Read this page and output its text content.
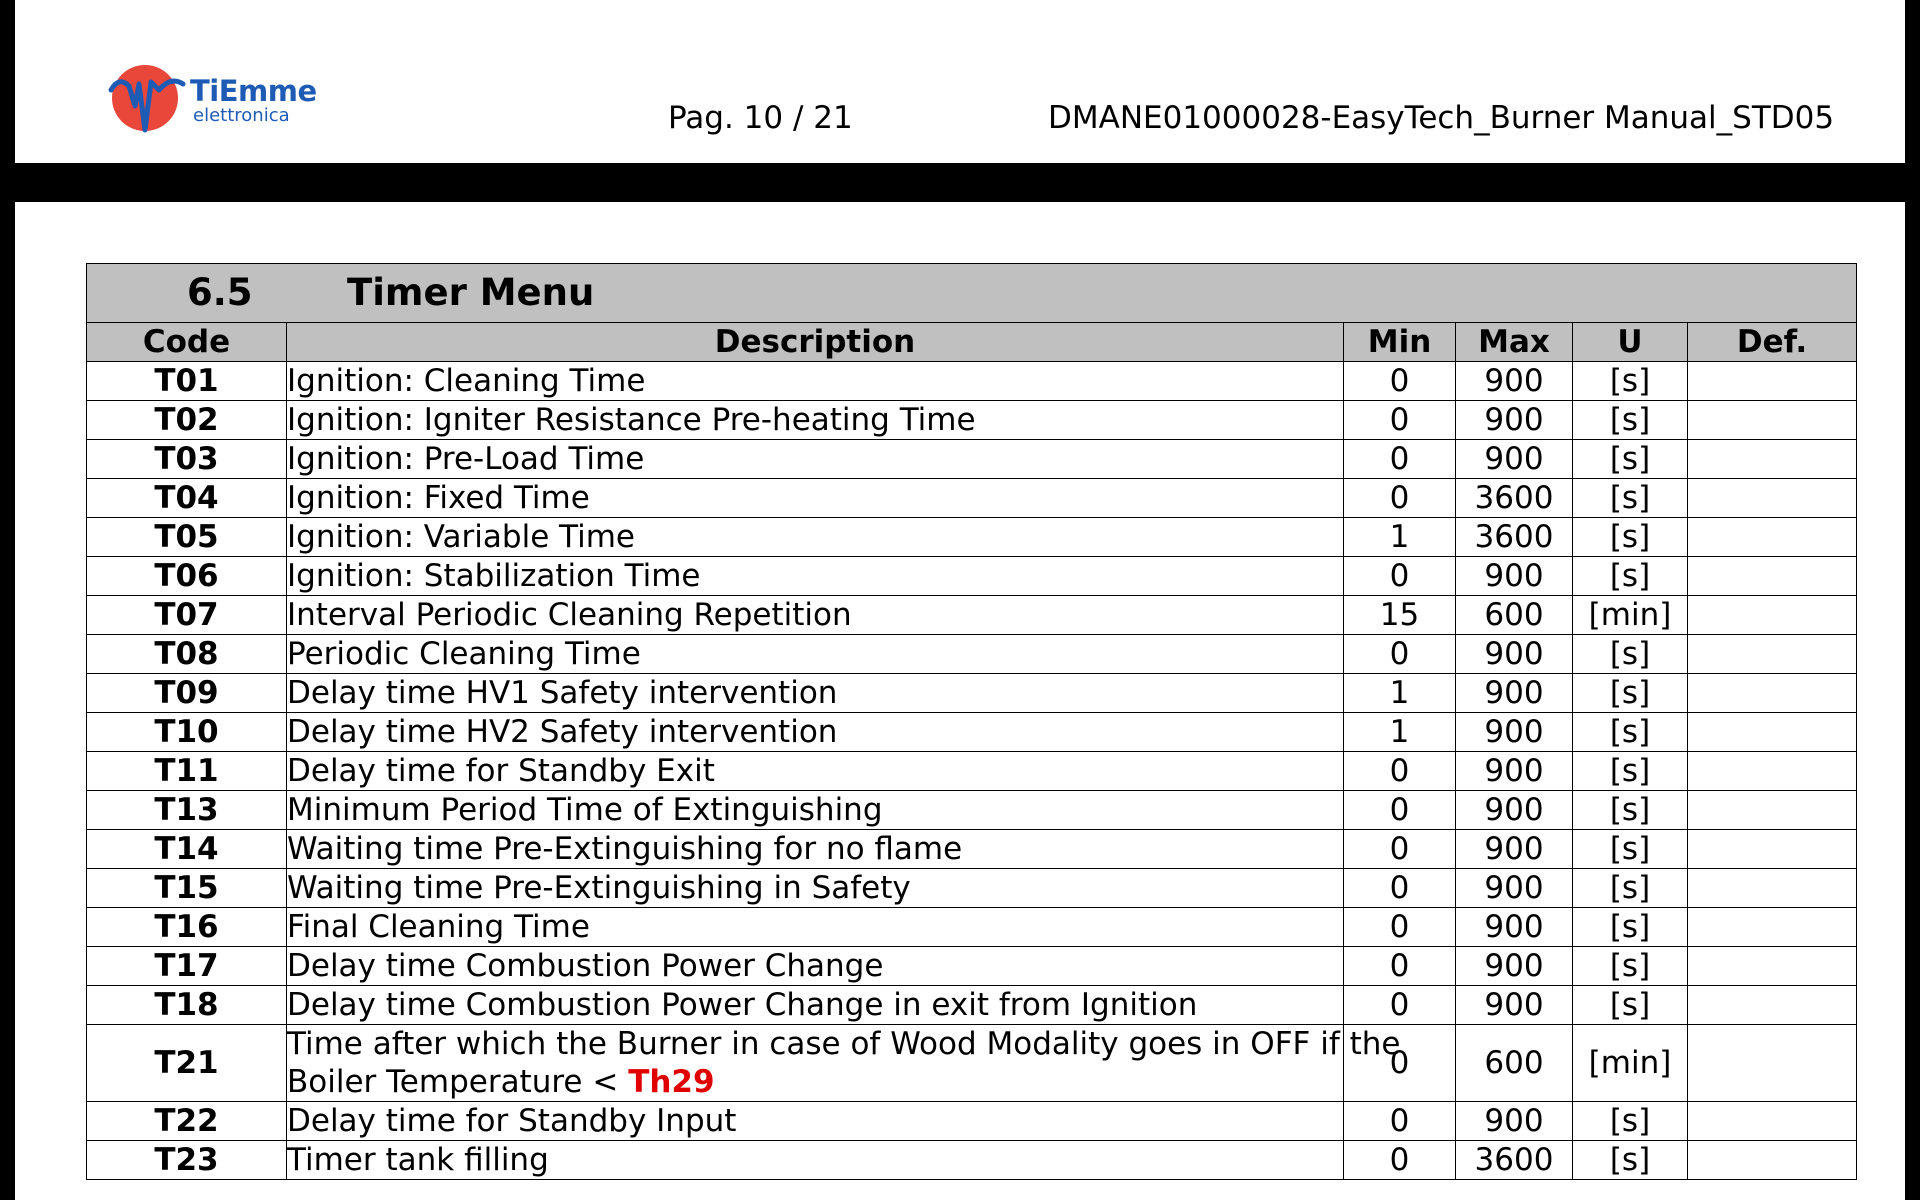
TiEmme
elettronica	Pag. 10 / 21	DMANE01000028-EasyTech_Burner Manual_STD05
6.5 Timer Menu					
Code	Description	Min	Max	U	Def.
T01	Ignition: Cleaning Time	0	900	[s]	
T02	Ignition: Igniter Resistance Pre-heating Time	0	900	[s]	
T03	Ignition: Pre-Load Time	0	900	[s]	
T04	Ignition: Fixed Time	0	3600	[s]	
T05	Ignition: Variable Time	1	3600	[s]	
T06	Ignition: Stabilization Time	0	900	[s]	
T07	Interval Periodic Cleaning Repetition	15	600	[min]	
T08	Periodic Cleaning Time	0	900	[s]	
T09	Delay time HV1 Safety intervention	1	900	[s]	
T10	Delay time HV2 Safety intervention	1	900	[s]	
T11	Delay time for Standby Exit	0	900	[s]	
T13	Minimum Period Time of Extinguishing	0	900	[s]	
T14	Waiting time Pre-Extinguishing for no flame	0	900	[s]	
T15	Waiting time Pre-Extinguishing in Safety	0	900	[s]	
T16	Final Cleaning Time	0	900	[s]	
T17	Delay time Combustion Power Change	0	900	[s]	
T18	Delay time Combustion Power Change in exit from Ignition	0	900	[s]	
T21	Time after which the Burner in case of Wood Modality goes in OFF if the
Boiler Temperature < Th29	0	600	[min]	
T22	Delay time for Standby Input	0	900	[s]	
T23	Timer tank filling	0	3600	[s]	
